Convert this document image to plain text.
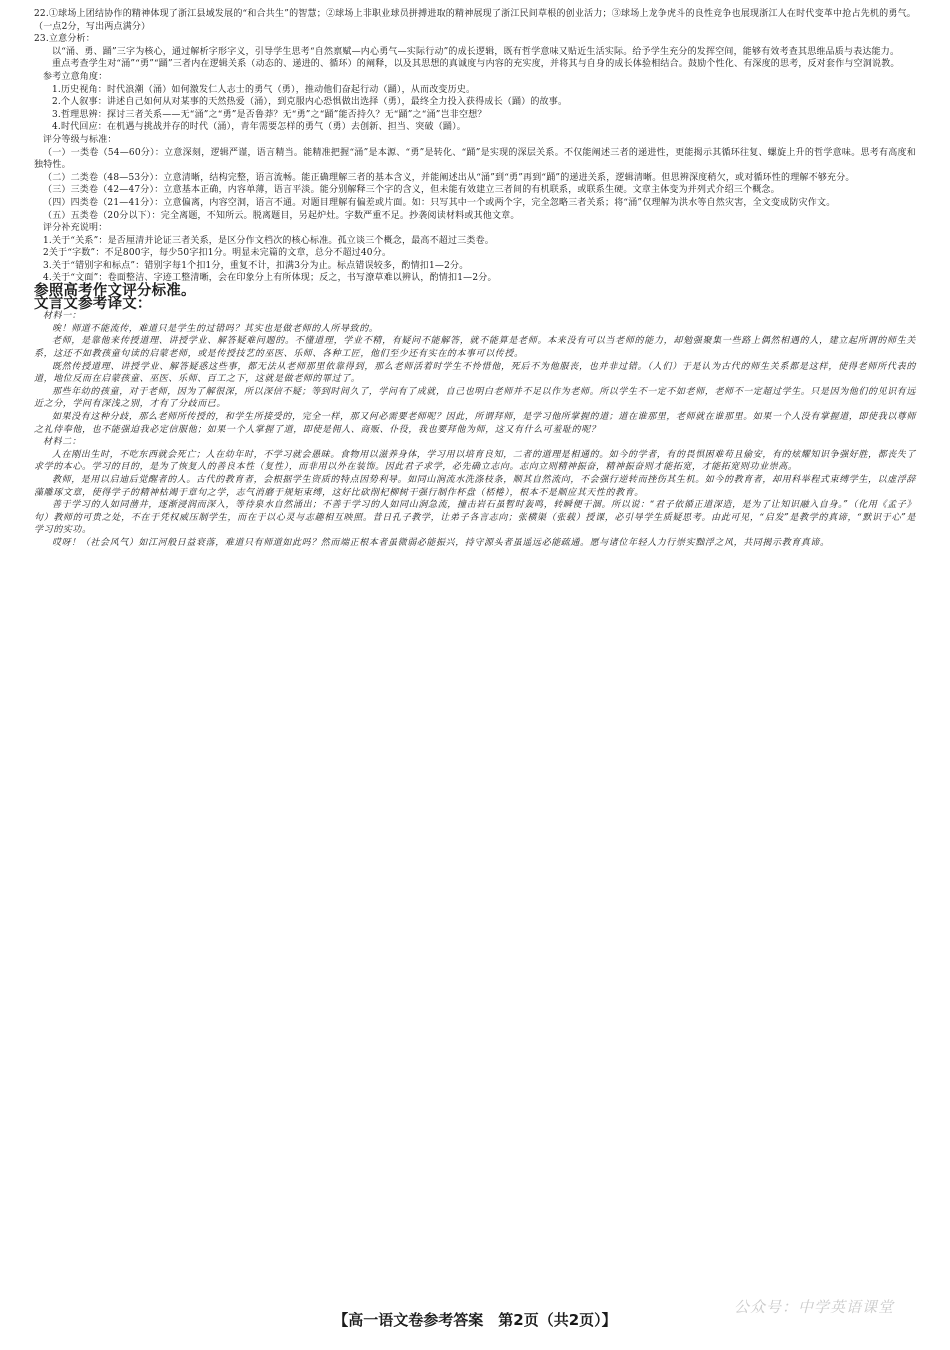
22.①球场上团结协作的精神体现了浙江县域发展的“和合共生”的智慧；②球场上非职业球员拼搏进取的精神展现了浙江民间草根的创业活力；③球场上龙争虎斗的良性竞争也展现浙江人在时代变革中抢占先机的勇气。（一点2分，写出两点满分）

23.立意分析：

以“涌、勇、踊”三字为核心，通过解析字形字义，引导学生思考“自然禀赋—内心勇气—实际行动”的成长逻辑，既有哲学意味又贴近生活实际。给予学生充分的发挥空间，能够有效考查其思维品质与表达能力。

重点考查学生对“涌”“勇”“踊”三者内在逻辑关系（动态的、递进的、循环）的阐释，以及其思想的真诚度与内容的充实度，并将其与自身的成长体验相结合。鼓励个性化、有深度的思考，反对套作与空洞说教。

参考立意角度：

1.历史视角：时代浪潮（涌）如何激发仁人志士的勇气（勇），推动他们奋起行动（踊），从而改变历史。

2.个人叙事：讲述自己如何从对某事的天然热爱（涌），到克服内心恐惧做出选择（勇），最终全力投入获得成长（踊）的故事。

3.哲理思辨：探讨三者关系——无“涌”之“勇”是否鲁莽？无“勇”之“踊”能否持久？无“踊”之“涌”岂非空想？

4.时代回应：在机遇与挑战并存的时代（涌），青年需要怎样的勇气（勇）去创新、担当、突破（踊）。

评分等级与标准：

（一）一类卷（54—60分）：立意深刻，逻辑严谨，语言精当。能精准把握“涌”是本源、“勇”是转化、“踊”是实现的深层关系。不仅能阐述三者的递进性，更能揭示其循环往复、螺旋上升的哲学意味。思考有高度和独特性。

（二）二类卷（48—53分）：立意清晰，结构完整，语言流畅。能正确理解三者的基本含义，并能阐述出从“涌”到“勇”再到“踊”的递进关系，逻辑清晰。但思辨深度稍欠，或对循环性的理解不够充分。

（三）三类卷（42—47分）：立意基本正确，内容单薄，语言平淡。能分别解释三个字的含义，但未能有效建立三者间的有机联系，或联系生硬。文章主体变为并列式介绍三个概念。

（四）四类卷（21—41分）：立意偏离，内容空洞，语言不通。对题目理解有偏差或片面。如：只写其中一个或两个字，完全忽略三者关系；将“涌”仅理解为洪水等自然灾害，全文变成防灾作文。

（五）五类卷（20分以下）：完全离题，不知所云。脱离题目，另起炉灶。字数严重不足。抄袭阅读材料或其他文章。

评分补充说明：

1.关于“关系”：是否厘清并论证三者关系，是区分作文档次的核心标准。孤立谈三个概念，最高不超过三类卷。

2关于“字数”：不足800字，每少50字扣1分。明显未完篇的文章，总分不超过40分。

3.关于“错别字和标点”：错别字每1个扣1分，重复不计，扣满3分为止。标点错误较多，酌情扣1—2分。

4.关于“文面”：卷面整洁、字迹工整清晰，会在印象分上有所体现；反之，书写潦草难以辨认，酌情扣1—2分。

参照高考作文评分标准。

文言文参考译文：

材料一：

唉！师道不能流传，难道只是学生的过错吗？其实也是做老师的人所导致的。

老师，是靠他来传授道理、讲授学业、解答疑难问题的。不懂道理，学业不精，有疑问不能解答，就不能算是老师。本来没有可以当老师的能力，却勉强聚集一些路上偶然相遇的人，建立起所谓的师生关系，这还不如教孩童句读的启蒙老师，或是传授技艺的巫医、乐师、各种工匠，他们至少还有实在的本事可以传授。

既然传授道理、讲授学业、解答疑惑这些事，都无法从老师那里依靠得到，那么老师活着时学生不怜惜他，死后不为他服丧，也并非过错。（人们）于是认为古代的师生关系都是这样，使得老师所代表的道，地位反而在启蒙孩童、巫医、乐师、百工之下，这就是做老师的罪过了。

那些年幼的孩童，对于老师，因为了解很深，所以深信不疑；等到时间久了，学问有了成就，自己也明白老师并不足以作为老师。所以学生不一定不如老师，老师不一定超过学生。只是因为他们的见识有远近之分，学问有深浅之别，才有了分歧而已。

如果没有这种分歧，那么老师所传授的，和学生所接受的，完全一样，那又何必需要老师呢？因此，所谓拜师，是学习他所掌握的道；道在谁那里，老师就在谁那里。如果一个人没有掌握道，即使我以尊师之礼侍奉他，也不能强迫我必定信服他；如果一个人掌握了道，即使是佣人、商贩、仆役，我也要拜他为师，这又有什么可羞耻的呢？

材料二：

人在刚出生时，不吃东西就会死亡；人在幼年时，不学习就会愚昧。食物用以滋养身体，学习用以培育良知，二者的道理是相通的。如今的学者，有的畏惧困难苟且偷安，有的炫耀知识争强好胜，都丧失了求学的本心。学习的目的，是为了恢复人的善良本性（复性），而非用以外在装饰。因此君子求学，必先确立志向。志向立则精神振奋，精神振奋则才能拓宽，才能拓宽则功业崇高。

教师，是用以启迪后觉醒者的人。古代的教育者，会根据学生资质的特点因势利导。如同山涧流水洗涤枝条，顺其自然流向，不会强行逆转而挫伤其生机。如今的教育者，却用科举程式束缚学生，以虚浮辞藻雕琢文章，使得学子的精神枯竭于章句之学，志气消磨于规矩束缚，这好比砍削杞柳树干强行制作杯盘（桮棬），根本不是顺应其天性的教育。

善于学习的人如同凿井，逐渐浸润而深入，等待泉水自然涌出；不善于学习的人如同山涧急流，撞击岩石虽暂时轰鸣，转瞬便干涸。所以说：“君子依循正道深造，是为了让知识融入自身。”（化用《孟子》句）教师的可贵之处，不在于凭权威压制学生，而在于以心灵与志趣相互映照。昔日孔子教学，让弟子各言志向；张横渠（张载）授课，必引导学生质疑思考。由此可见，“启发”是教学的真谛，“默识于心”是学习的实功。

哎呀！（社会风气）如江河般日益衰落，难道只有师道如此吗？然而端正根本者虽微弱必能振兴，持守源头者虽遥远必能疏通。愿与诸位年轻人力行崇实黜浮之风，共同揭示教育真谛。

公众号：中学英语课堂
【高一语文卷参考答案　第2页（共2页）】
